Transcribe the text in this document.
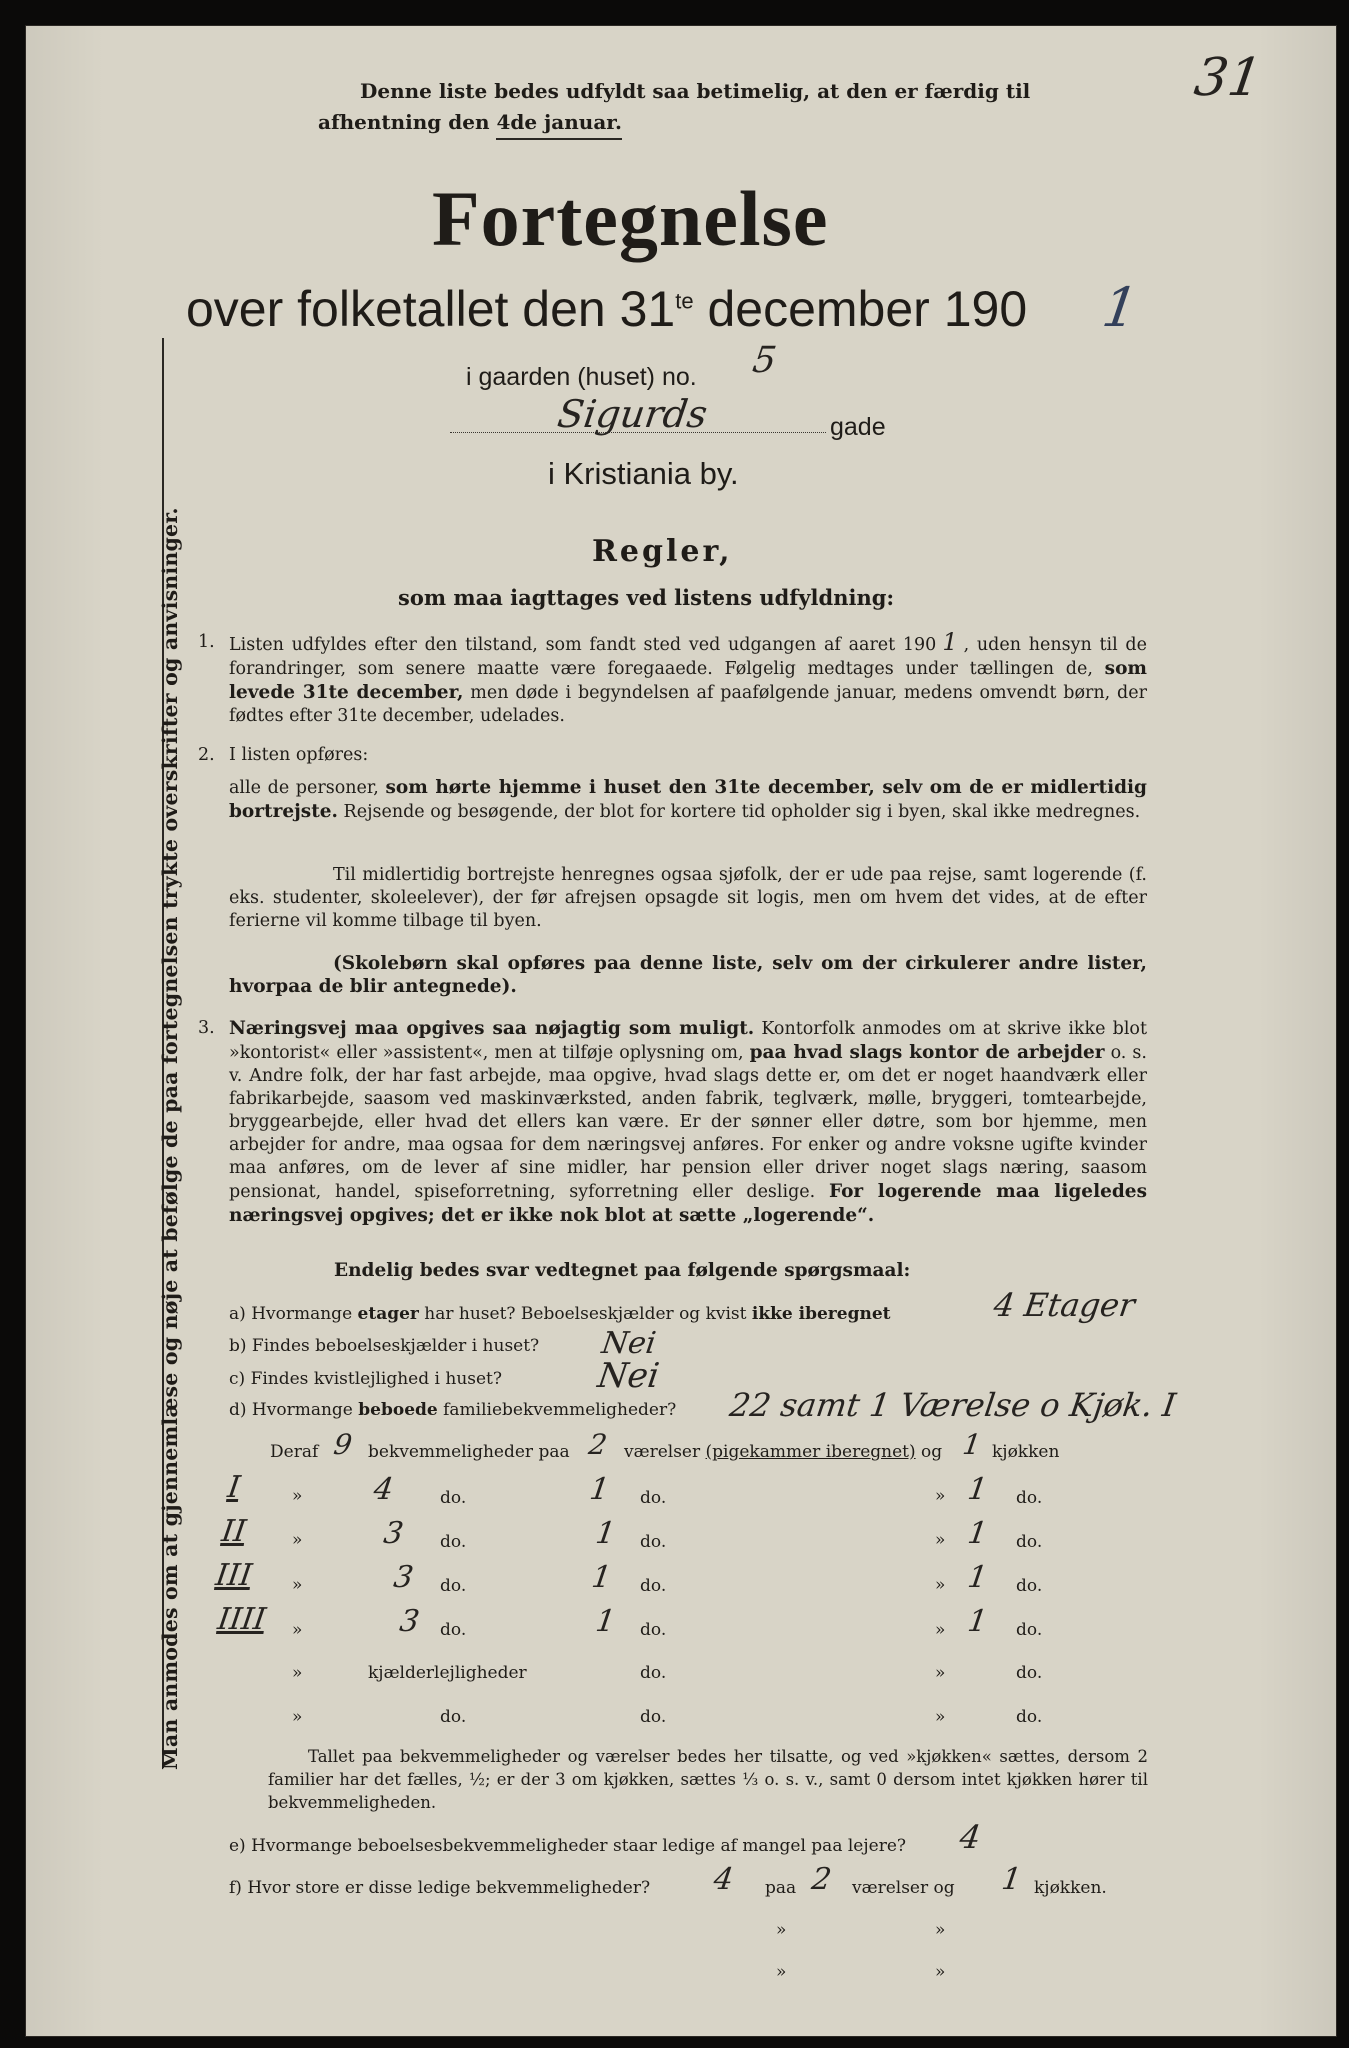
31
Denne liste bedes udfyldt saa betimelig, at den er færdig til
afhentning den 4de januar.
Fortegnelse
over folketallet den $31^{te}$ december 190 1
i gaarden (huset) no. 5
Sigurds	gade
i Kristiania by.
Regler,
som maa iagttages ved listens udfyldning:
1. Listen udfyldes efter den tilstand, som fandt sted ved udgangen af aaret 190 1 , uden hensyn til de forandringer, som senere maatte være foregaaede. Følgelig medtages under tællingen de, som levede 31te december, men døde i begyndelsen af paafølgende januar, medens omvendt børn, der fødtes efter 31te december, udelades.
2. I listen opføres:
alle de personer, som hørte hjemme i huset den 31te december, selv om de er midlertidig bortrejste. Rejsende og besøgende, der blot for kortere tid opholder sig i byen, skal ikke medregnes.
Til midlertidig bortrejste henregnes ogsaa sjøfolk, der er ude paa rejse, samt logerende (f. eks. studenter, skoleelever), der før afrejsen opsagde sit logis, men om hvem det vides, at de efter ferierne vil komme tilbage til byen.
(Skolebørn skal opføres paa denne liste, selv om der cirkulerer andre lister, hvorpaa de blir antegnede).
3. Næringsvej maa opgives saa nøjagtig som muligt. Kontorfolk anmodes om at skrive ikke blot »kontorist« eller »assistent«, men at tilføje oplysning om, paa hvad slags kontor de arbejder o. s. v. Andre folk, der har fast arbejde, maa opgive, hvad slags dette er, om det er noget haandværk eller fabrikarbejde, saasom ved maskinværksted, anden fabrik, teglværk, mølle, bryggeri, tomtearbejde, bryggearbejde, eller hvad det ellers kan være. Er der sønner eller døtre, som bor hjemme, men arbejder for andre, maa ogsaa for dem næringsvej anføres. For enker og andre voksne ugifte kvinder maa anføres, om de lever af sine midler, har pension eller driver noget slags næring, saasom pensionat, handel, spiseforretning, syforretning eller deslige. For logerende maa ligeledes næringsvej opgives; det er ikke nok blot at sætte „logerende“.
Endelig bedes svar vedtegnet paa følgende spørgsmaal:
a) Hvormange etager har huset? Beboelseskjælder og kvist ikke iberegnet	4 Etager
b) Findes beboelseskjælder i huset? Nei
c) Findes kvistlejlighed i huset?	Nei
d) Hvormange beboede familiebekvemmeligheder? 22 samt 1 Værelse o Kjøk. I
Deraf 9 bekvemmeligheder paa 2 værelser (pigekammer iberegnet) og 1 kjøkken
I	» 4	do.	1 do.	» 1 do.
II	»	3 do.	1 do.	» 1 do.
III »	3 do.	1 do.	» 1 do.
IIII »	3 do.	1 do.	» 1 do.
»	kjælderlejligheder	do.	»	do.
»	do.	do.	»	do.
Tallet paa bekvemmeligheder og værelser bedes her tilsatte, og ved »kjøkken« sættes, dersom 2 familier har det fælles, ½; er der 3 om kjøkken, sættes ⅓ o. s. v., samt 0 dersom intet kjøkken hører til bekvemmeligheden.
e) Hvormange beboelsesbekvemmeligheder staar ledige af mangel paa lejere? 4
f) Hvor store er disse ledige bekvemmeligheder? 4 paa 2 værelser og 1 kjøkken.
»	»
»	»
Man anmodes om at gjennemlæse og nøje at befølge de paa fortegnelsen trykte overskrifter og anvisninger.
